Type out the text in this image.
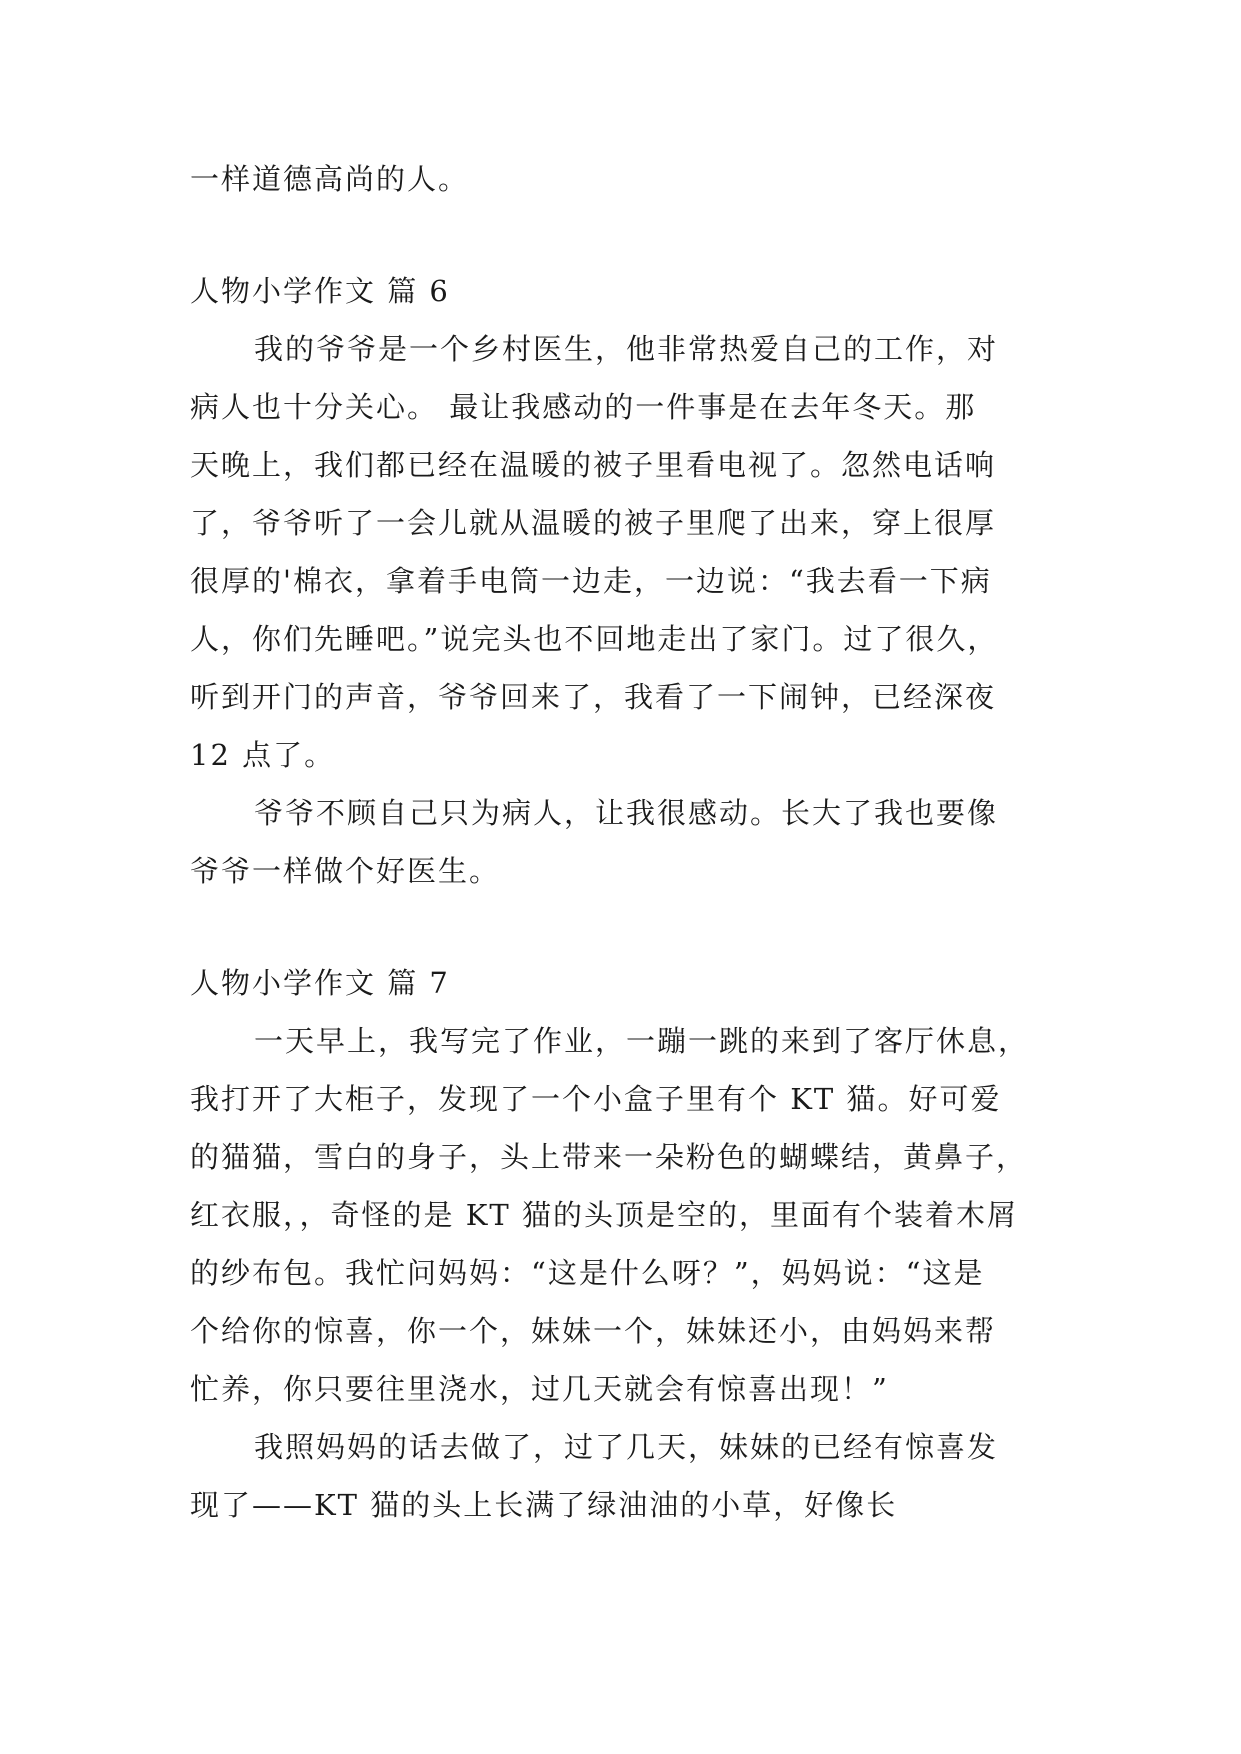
一样道德高尚的人。
人物小学作文 篇 6
我的爷爷是一个乡村医生，他非常热爱自己的工作，对
病人也十分关心。 最让我感动的一件事是在去年冬天。那
天晚上，我们都已经在温暖的被子里看电视了。忽然电话响
了，爷爷听了一会儿就从温暖的被子里爬了出来，穿上很厚
很厚的'棉衣，拿着手电筒一边走，一边说：“我去看一下病
人，你们先睡吧。”说完头也不回地走出了家门。过了很久，
听到开门的声音，爷爷回来了，我看了一下闹钟，已经深夜
12 点了。
爷爷不顾自己只为病人，让我很感动。长大了我也要像
爷爷一样做个好医生。
人物小学作文 篇 7
一天早上，我写完了作业，一蹦一跳的来到了客厅休息，
我打开了大柜子，发现了一个小盒子里有个 KT 猫。好可爱
的猫猫，雪白的身子，头上带来一朵粉色的蝴蝶结，黄鼻子，
红衣服，，奇怪的是 KT 猫的头顶是空的，里面有个装着木屑
的纱布包。我忙问妈妈：“这是什么呀？”，妈妈说：“这是
个给你的惊喜，你一个，妹妹一个，妹妹还小，由妈妈来帮
忙养，你只要往里浇水，过几天就会有惊喜出现！”
我照妈妈的话去做了，过了几天，妹妹的已经有惊喜发
现了——KT 猫的头上长满了绿油油的小草，好像长
